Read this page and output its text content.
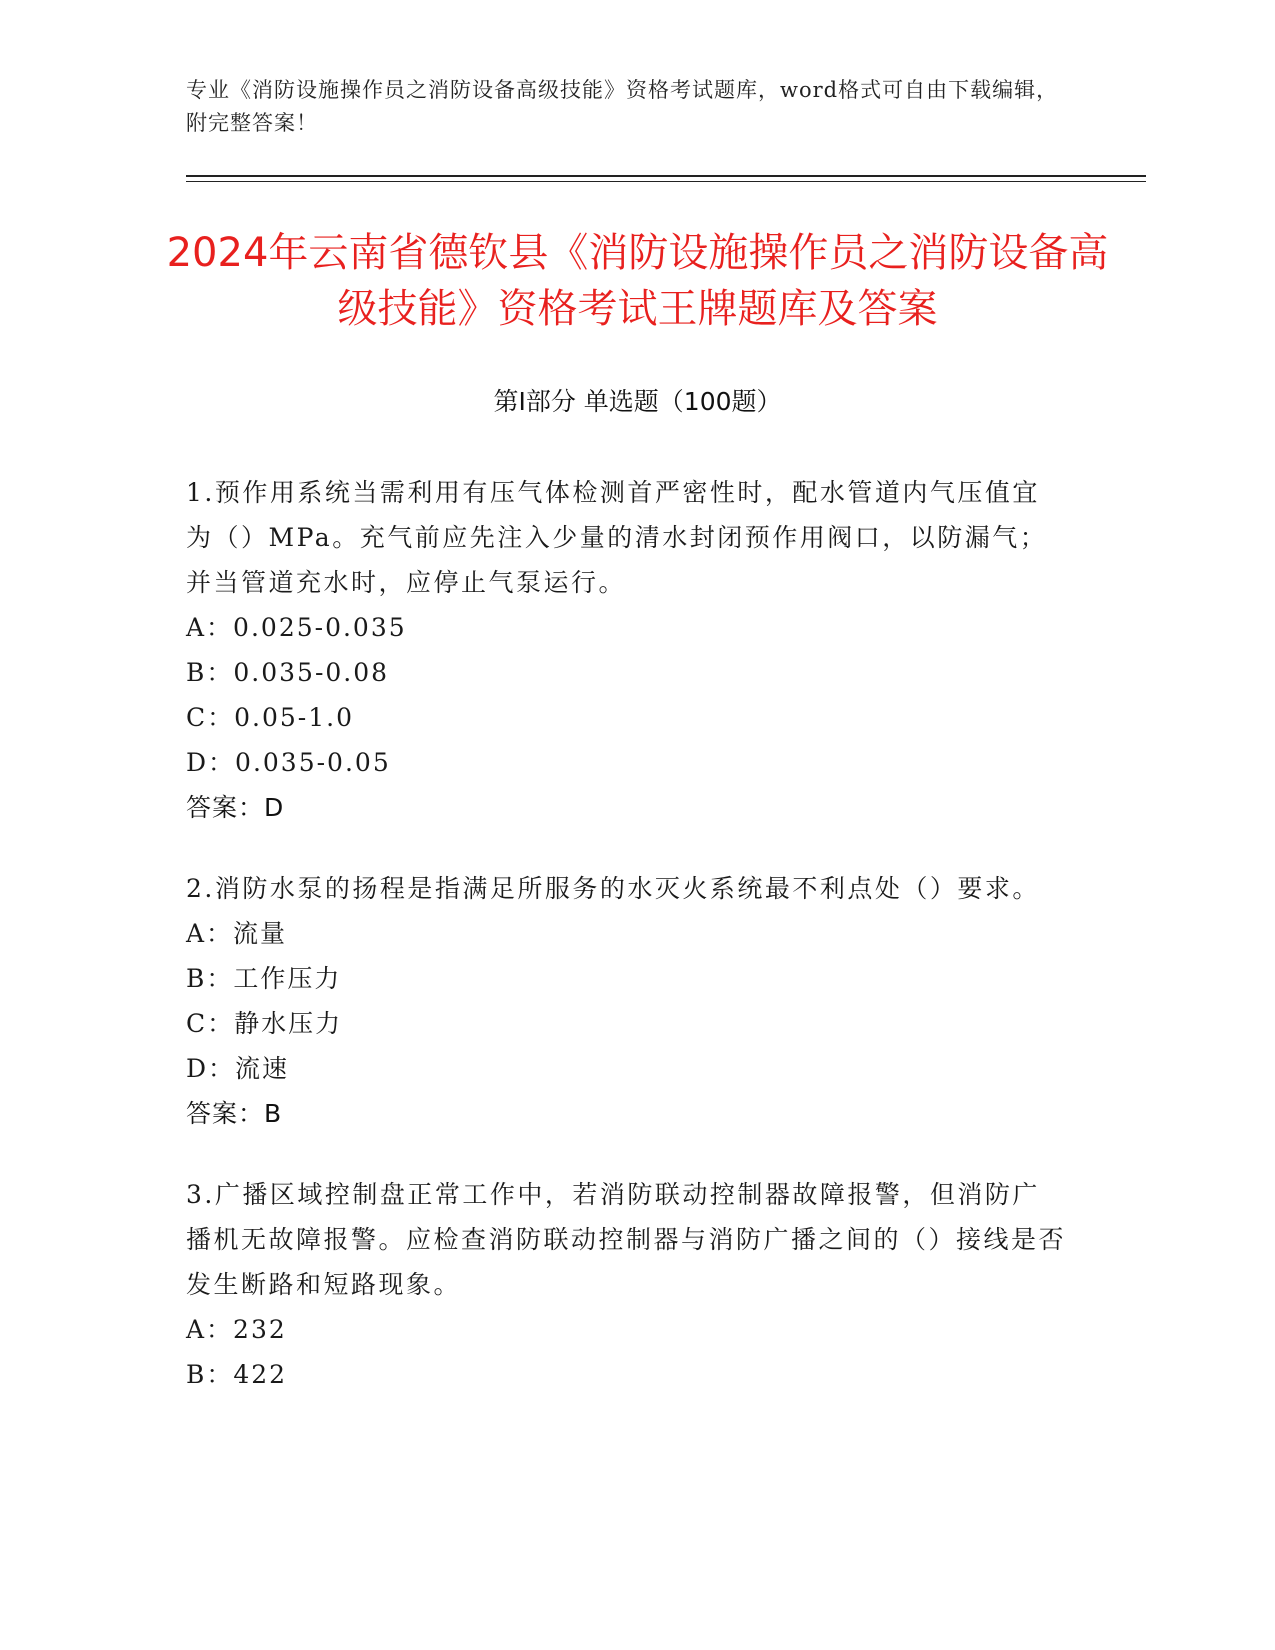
专业《消防设施操作员之消防设备高级技能》资格考试题库，word格式可自由下载编辑，附完整答案！
2024年云南省德钦县《消防设施操作员之消防设备高级技能》资格考试王牌题库及答案
第Ⅰ部分 单选题（100题）

1.预作用系统当需利用有压气体检测首严密性时，配水管道内气压值宜为（）MPa。充气前应先注入少量的清水封闭预作用阀口，以防漏气；并当管道充水时，应停止气泵运行。

A：0.025-0.035

B：0.035-0.08

C：0.05-1.0

D：0.035-0.05

答案：D

2.消防水泵的扬程是指满足所服务的水灭火系统最不利点处（）要求。

A：流量

B：工作压力

C：静水压力

D：流速

答案：B

3.广播区域控制盘正常工作中，若消防联动控制器故障报警，但消防广播机无故障报警。应检查消防联动控制器与消防广播之间的（）接线是否发生断路和短路现象。

A：232

B：422
